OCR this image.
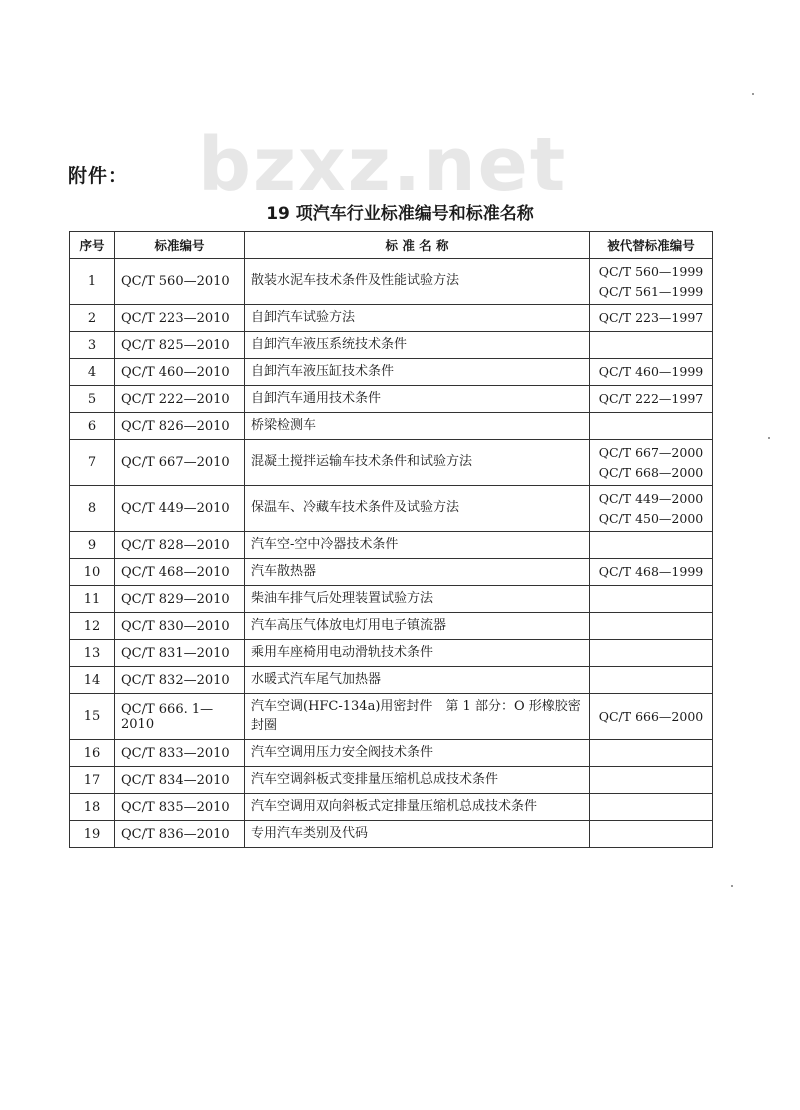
bzxz.net
附件：
19 项汽车行业标准编号和标准名称
序号	标准编号	标 准 名 称	被代替标准编号
1	QC/T 560—2010	散装水泥车技术条件及性能试验方法	QC/T 560—1999
QC/T 561—1999

2	QC/T 223—2010	自卸汽车试验方法	QC/T 223—1997

3	QC/T 825—2010	自卸汽车液压系统技术条件	
4	QC/T 460—2010	自卸汽车液压缸技术条件	QC/T 460—1999

5	QC/T 222—2010	自卸汽车通用技术条件	QC/T 222—1997

6	QC/T 826—2010	桥梁检测车	
7	QC/T 667—2010	混凝土搅拌运输车技术条件和试验方法	QC/T 667—2000
QC/T 668—2000

8	QC/T 449—2010	保温车、冷藏车技术条件及试验方法	QC/T 449—2000
QC/T 450—2000

9	QC/T 828—2010	汽车空-空中冷器技术条件	
10	QC/T 468—2010	汽车散热器	QC/T 468—1999

11	QC/T 829—2010	柴油车排气后处理装置试验方法	
12	QC/T 830—2010	汽车高压气体放电灯用电子镇流器	
13	QC/T 831—2010	乘用车座椅用电动滑轨技术条件	
14	QC/T 832—2010	水暖式汽车尾气加热器	
15	QC/T 666. 1—2010	汽车空调(HFC-134a)用密封件　第 1 部分：O 形橡胶密封圈	QC/T 666—2000

16	QC/T 833—2010	汽车空调用压力安全阀技术条件	
17	QC/T 834—2010	汽车空调斜板式变排量压缩机总成技术条件	
18	QC/T 835—2010	汽车空调用双向斜板式定排量压缩机总成技术条件	
19	QC/T 836—2010	专用汽车类别及代码	
